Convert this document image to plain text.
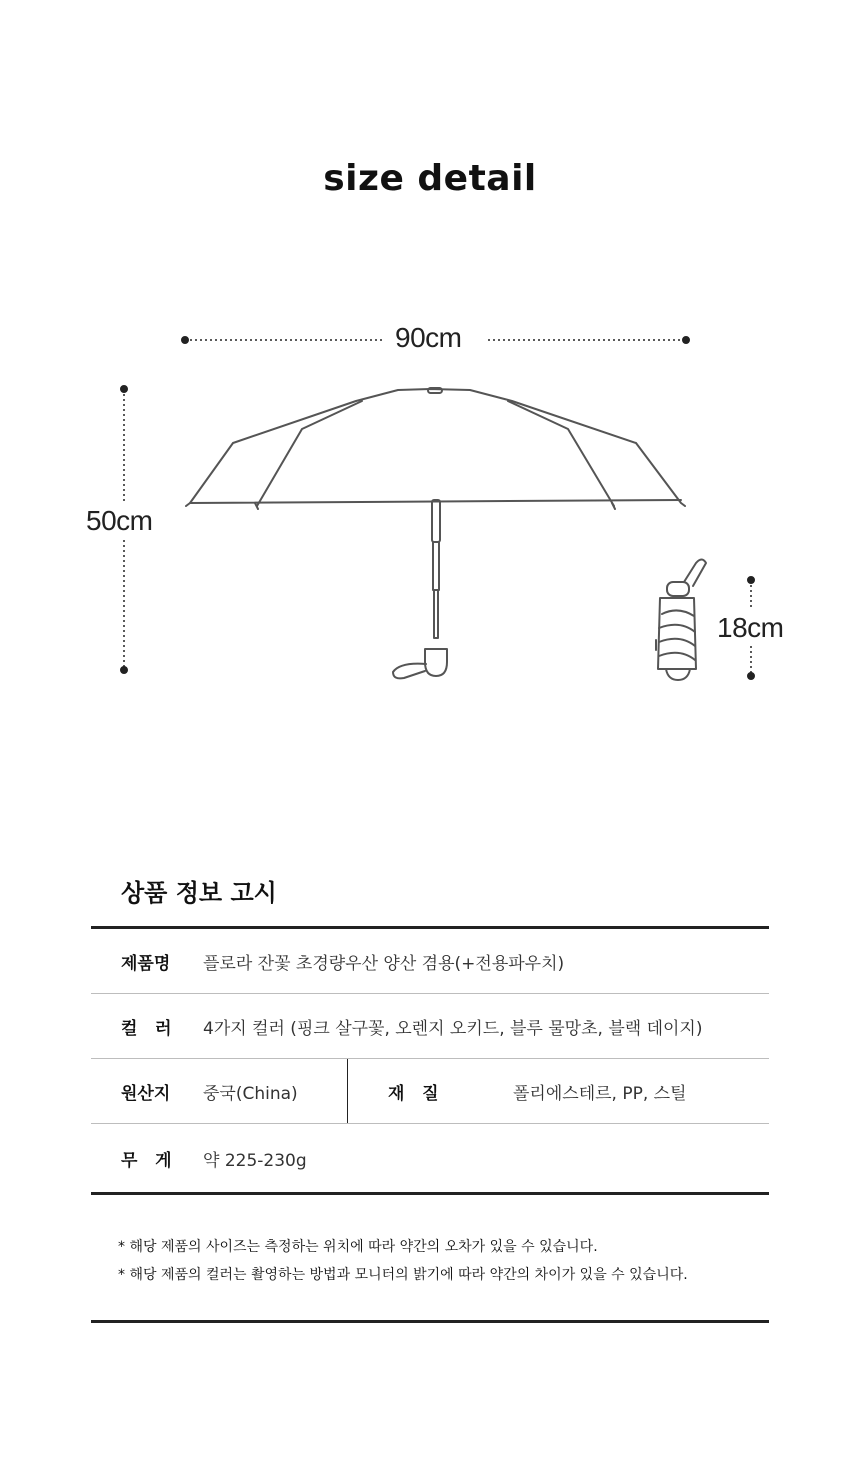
size detail
90cm
50cm
18cm
상품 정보 고시
제품명	플로라 잔꽃 초경량우산 양산 겸용(+전용파우치)
컬   러	4가지 컬러 (핑크 살구꽃, 오렌지 오키드, 블루 물망초, 블랙 데이지)
원산지	중국(China)	재   질	폴리에스테르, PP, 스틸
무   게	약 225-230g
* 해당 제품의 사이즈는 측정하는 위치에 따라 약간의 오차가 있을 수 있습니다.
* 해당 제품의 컬러는 촬영하는 방법과 모니터의 밝기에 따라 약간의 차이가 있을 수 있습니다.
